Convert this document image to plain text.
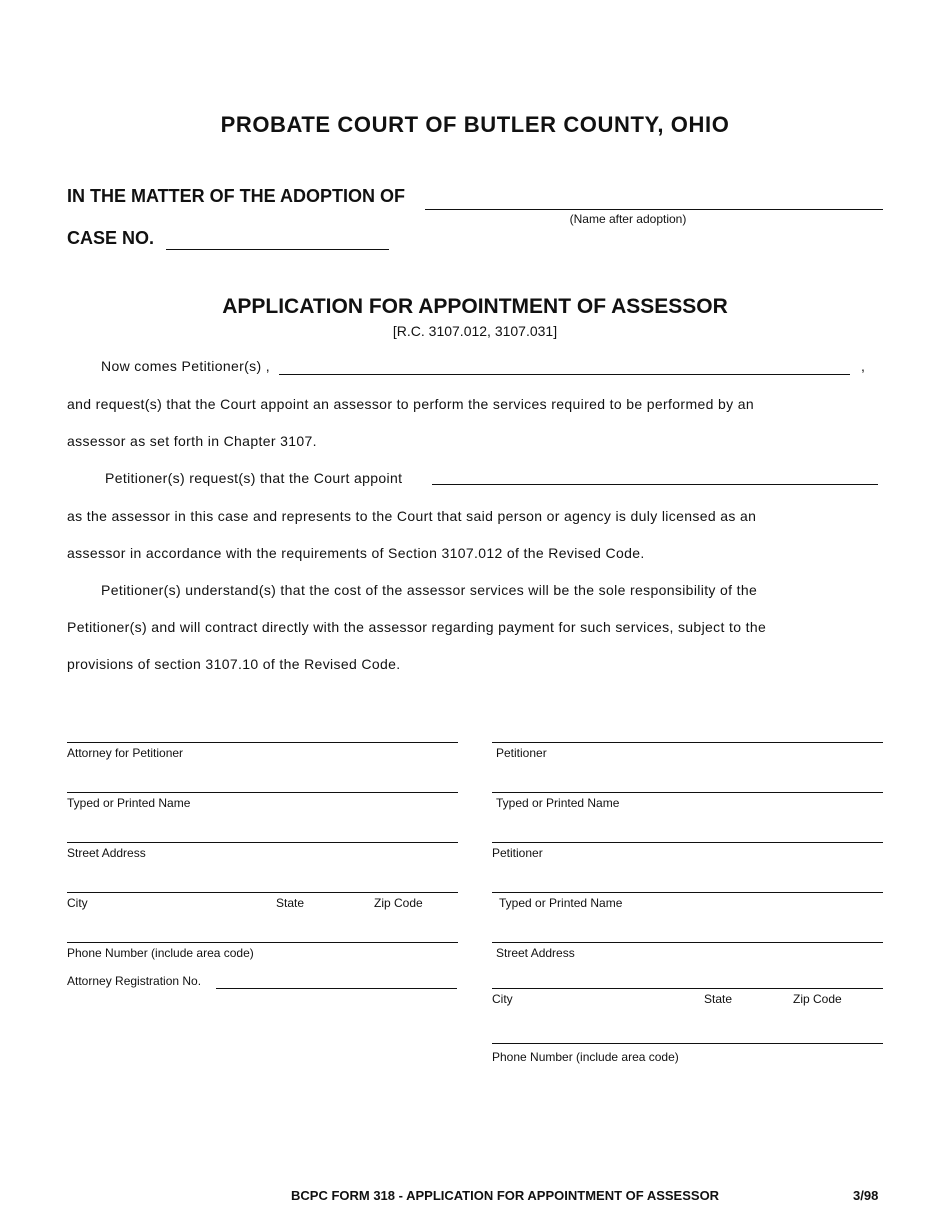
PROBATE COURT OF BUTLER COUNTY, OHIO
IN THE MATTER OF THE ADOPTION OF
(Name after adoption)
CASE NO.
APPLICATION FOR APPOINTMENT OF ASSESSOR
[R.C. 3107.012, 3107.031]
Now comes Petitioner(s) ,	,
and request(s) that the Court appoint an assessor to perform the services required to be performed by an
assessor as set forth in Chapter 3107.
Petitioner(s) request(s) that the Court appoint
as the assessor in this case and represents to the Court that said person or agency is duly licensed as an
assessor in accordance with the requirements of Section 3107.012 of the Revised Code.
Petitioner(s) understand(s) that the cost of the assessor services will be the sole responsibility of the
Petitioner(s) and will contract directly with the assessor regarding payment for such services, subject to the
provisions of section 3107.10 of the Revised Code.
Attorney for Petitioner
Typed or Printed Name
Street Address
City	State	Zip Code
Phone Number (include area code)
Attorney Registration No.
Petitioner
Typed or Printed Name
Petitioner
Typed or Printed Name
Street Address
City	State	Zip Code
Phone Number (include area code)
BCPC FORM 318 - APPLICATION FOR APPOINTMENT OF ASSESSOR	3/98
